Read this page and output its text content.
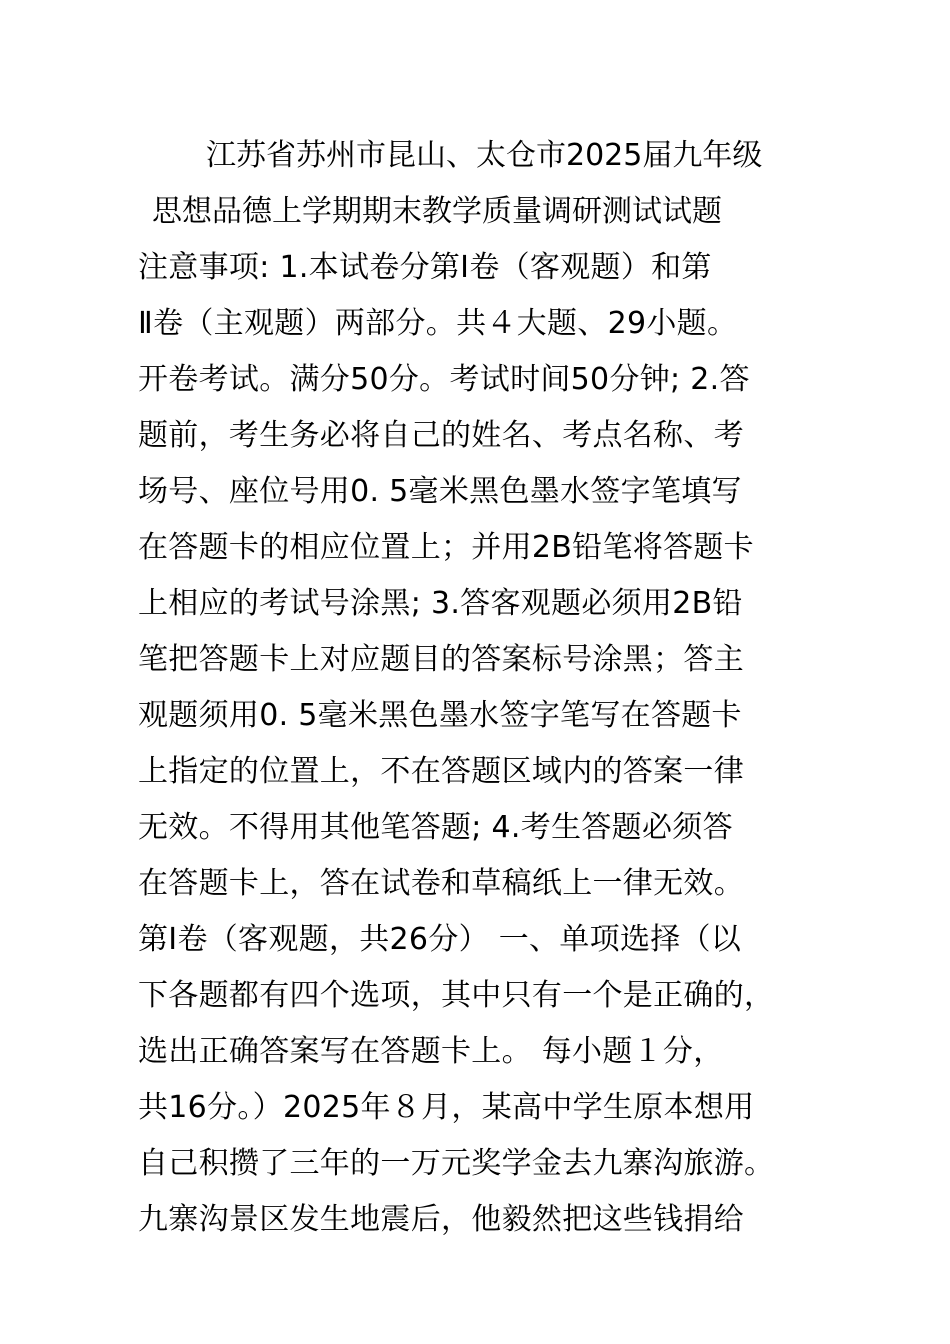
江苏省苏州市昆山、太仓市2025届九年级
思想品德上学期期末教学质量调研测试试题
注意事项: 1.本试卷分第Ⅰ卷（客观题）和第
Ⅱ卷（主观题）两部分。共４大题、29小题。
开卷考试。满分50分。考试时间50分钟; 2.答
题前，考生务必将自己的姓名、考点名称、考
场号、座位号用0. 5毫米黑色墨水签字笔填写
在答题卡的相应位置上；并用2B铅笔将答题卡
上相应的考试号涂黑; 3.答客观题必须用2B铅
笔把答题卡上对应题目的答案标号涂黑；答主
观题须用0. 5毫米黑色墨水签字笔写在答题卡
上指定的位置上，不在答题区域内的答案一律
无效。不得用其他笔答题; 4.考生答题必须答
在答题卡上，答在试卷和草稿纸上一律无效。
第Ⅰ卷（客观题，共26分） 一、单项选择（以
下各题都有四个选项，其中只有一个是正确的，
选出正确答案写在答题卡上。 每小题１分，
共16分。）2025年８月，某高中学生原本想用
自己积攒了三年的一万元奖学金去九寨沟旅游。
九寨沟景区发生地震后，他毅然把这些钱捐给
